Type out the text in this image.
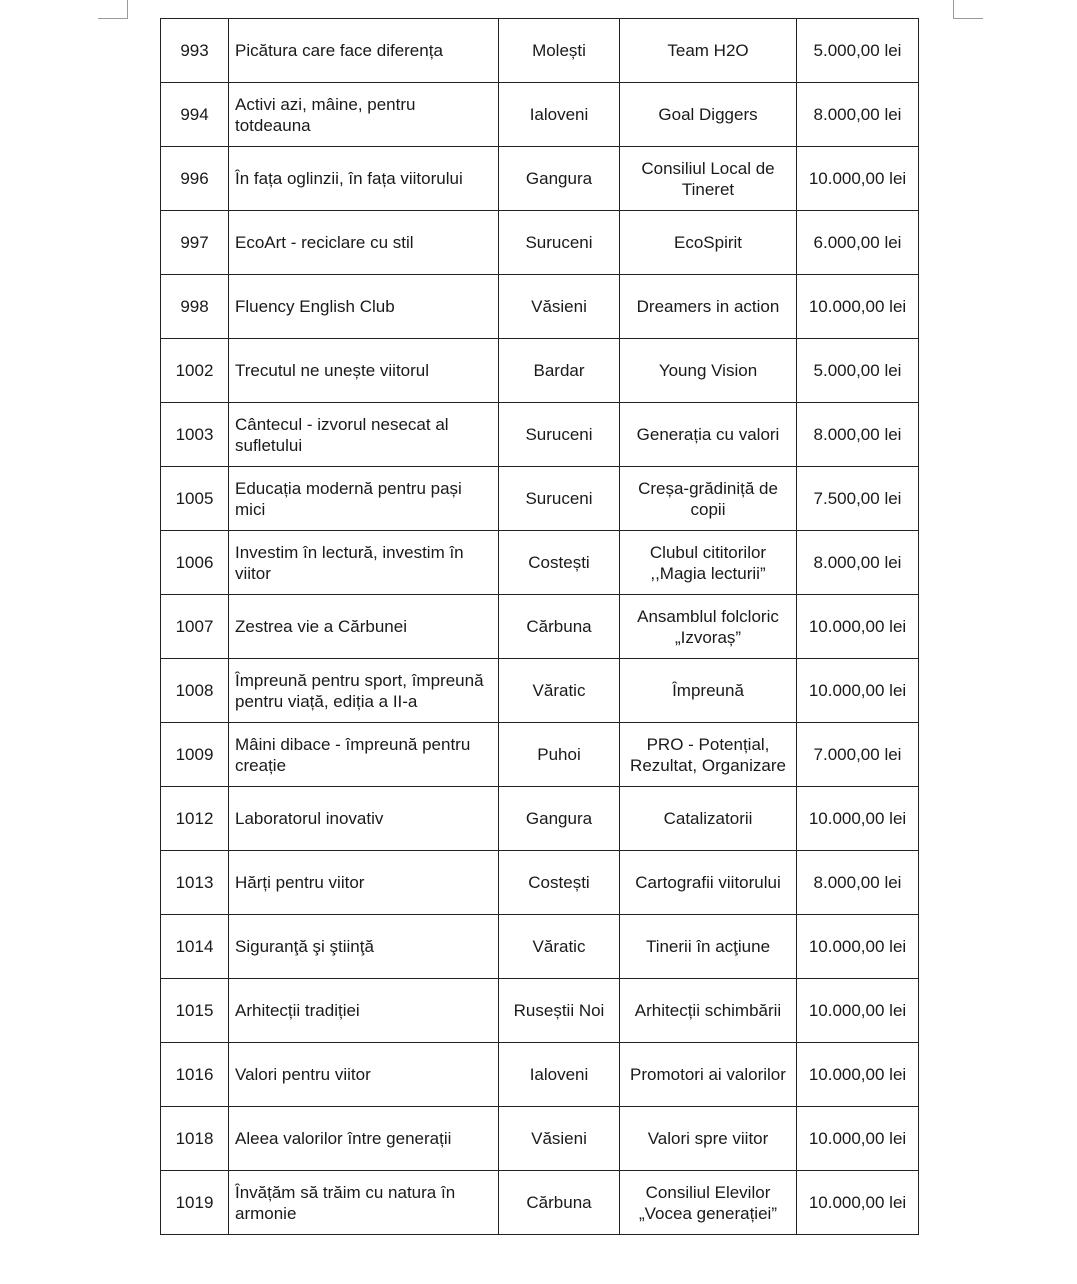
993	Picătura care face diferența	Molești	Team H2O	5.000,00 lei
994	Activi azi, mâine, pentru totdeauna	Ialoveni	Goal Diggers	8.000,00 lei
996	În fața oglinzii, în fața viitorului	Gangura	Consiliul Local de Tineret	10.000,00 lei
997	EcoArt - reciclare cu stil	Suruceni	EcoSpirit	6.000,00 lei
998	Fluency English Club	Văsieni	Dreamers in action	10.000,00 lei
1002	Trecutul ne unește viitorul	Bardar	Young Vision	5.000,00 lei
1003	Cântecul - izvorul nesecat al sufletului	Suruceni	Generația cu valori	8.000,00 lei
1005	Educația modernă pentru pași mici	Suruceni	Creșa-grădiniță de copii	7.500,00 lei
1006	Investim în lectură, investim în viitor	Costești	Clubul cititorilor ,,Magia lecturii”	8.000,00 lei
1007	Zestrea vie a Cărbunei	Cărbuna	Ansamblul folcloric „Izvoraș”	10.000,00 lei
1008	Împreună pentru sport, împreună pentru viață, ediția a II-a	Văratic	Împreună	10.000,00 lei
1009	Mâini dibace - împreună pentru creație	Puhoi	PRO - Potențial, Rezultat, Organizare	7.000,00 lei
1012	Laboratorul inovativ	Gangura	Catalizatorii	10.000,00 lei
1013	Hărți pentru viitor	Costești	Cartografii viitorului	8.000,00 lei
1014	Siguranţă şi ştiinţă	Văratic	Tinerii în acţiune	10.000,00 lei
1015	Arhitecții tradiției	Ruseștii Noi	Arhitecții schimbării	10.000,00 lei
1016	Valori pentru viitor	Ialoveni	Promotori ai valorilor	10.000,00 lei
1018	Aleea valorilor între generații	Văsieni	Valori spre viitor	10.000,00 lei
1019	Învățăm să trăim cu natura în armonie	Cărbuna	Consiliul Elevilor „Vocea generației”	10.000,00 lei
